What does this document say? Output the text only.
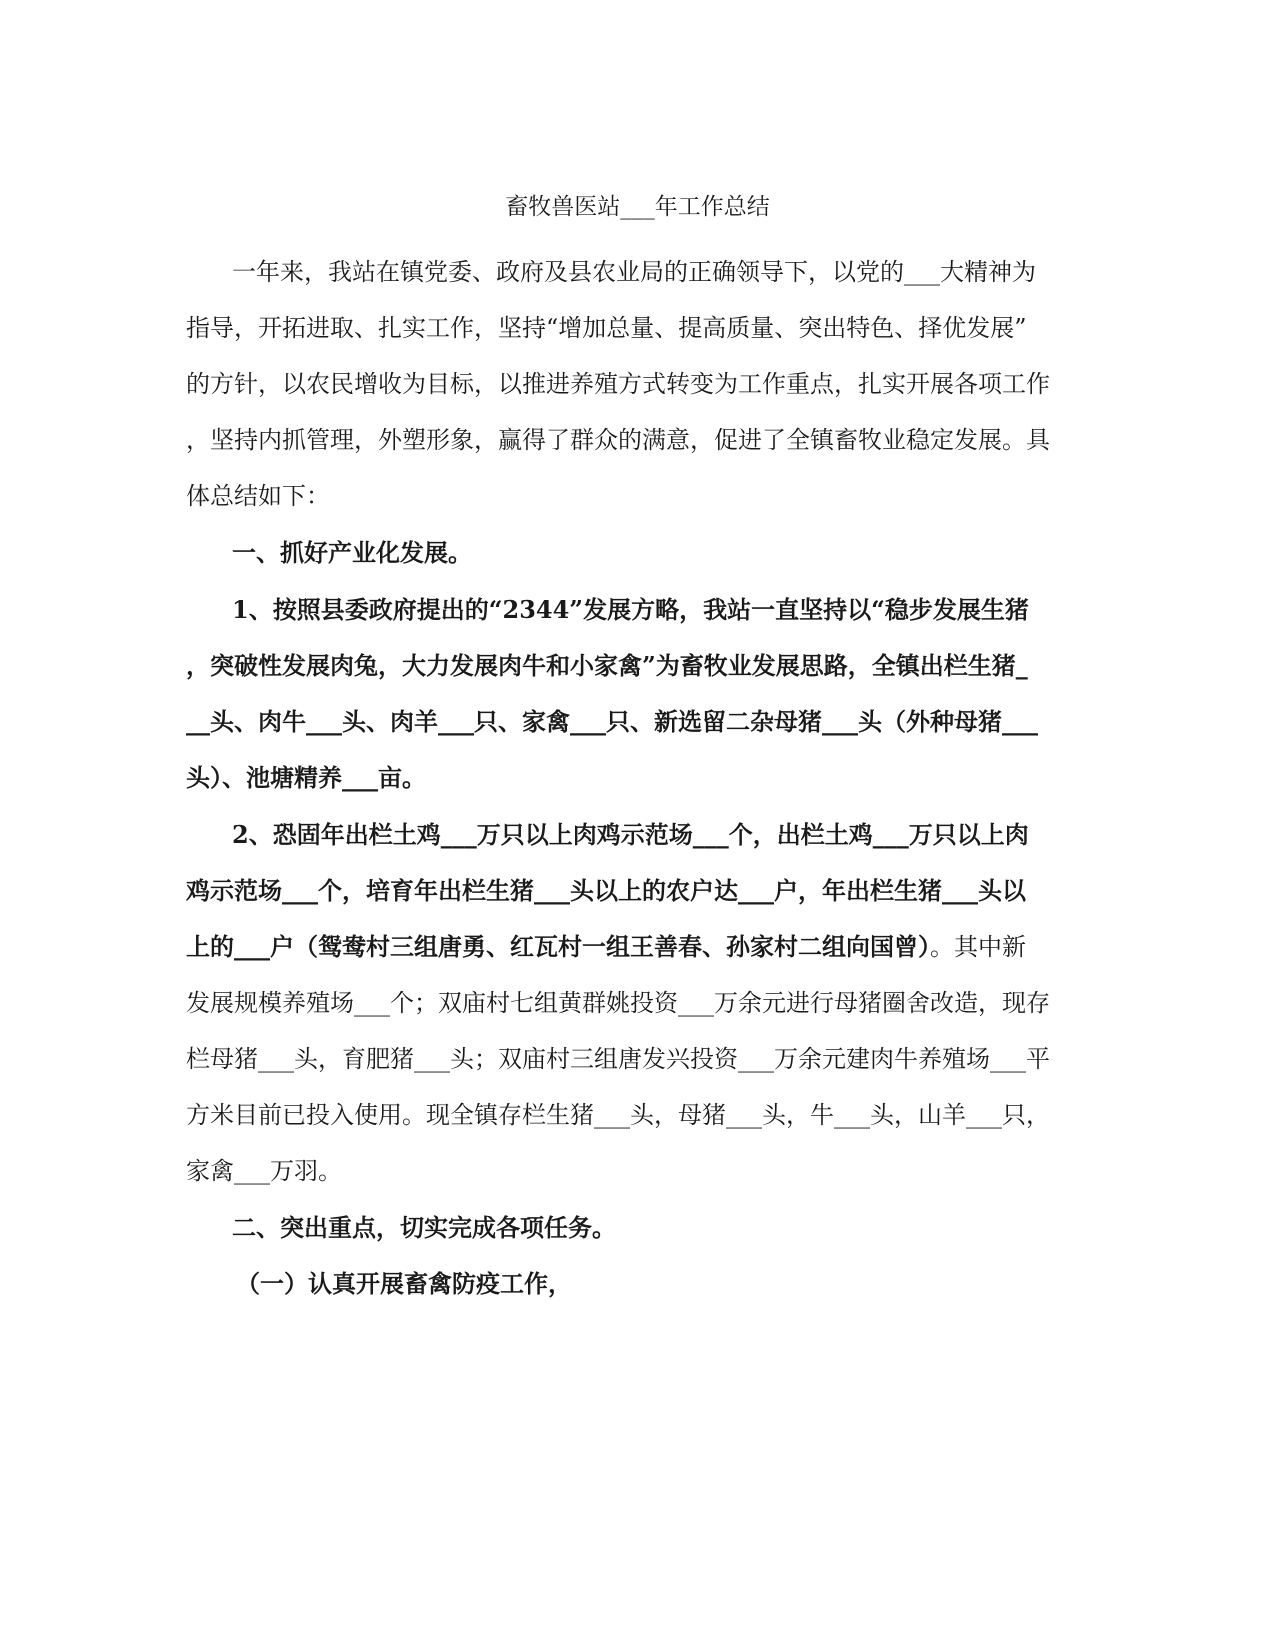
畜牧兽医站___年工作总结
一年来，我站在镇党委、政府及县农业局的正确领导下，以党的___大精神为
指导，开拓进取、扎实工作，坚持“增加总量、提高质量、突出特色、择优发展”
的方针，以农民增收为目标，以推进养殖方式转变为工作重点，扎实开展各项工作
，坚持内抓管理，外塑形象，赢得了群众的满意，促进了全镇畜牧业稳定发展。具
体总结如下：
一、抓好产业化发展。
1、按照县委政府提出的“2344”发展方略，我站一直坚持以“稳步发展生猪
，突破性发展肉兔，大力发展肉牛和小家禽”为畜牧业发展思路，全镇出栏生猪_
__头、肉牛___头、肉羊___只、家禽___只、新选留二杂母猪___头（外种母猪___
头）、池塘精养___亩。
2、恐固年出栏土鸡___万只以上肉鸡示范场___个，出栏土鸡___万只以上肉
鸡示范场___个，培育年出栏生猪___头以上的农户达___户，年出栏生猪___头以
上的___户（鸳鸯村三组唐勇、红瓦村一组王善春、孙家村二组向国曾）。其中新
发展规模养殖场___个；双庙村七组黄群姚投资___万余元进行母猪圈舍改造，现存
栏母猪___头，育肥猪___头；双庙村三组唐发兴投资___万余元建肉牛养殖场___平
方米目前已投入使用。现全镇存栏生猪___头，母猪___头，牛___头，山羊___只，
家禽___万羽。
二、突出重点，切实完成各项任务。
（一）认真开展畜禽防疫工作，
